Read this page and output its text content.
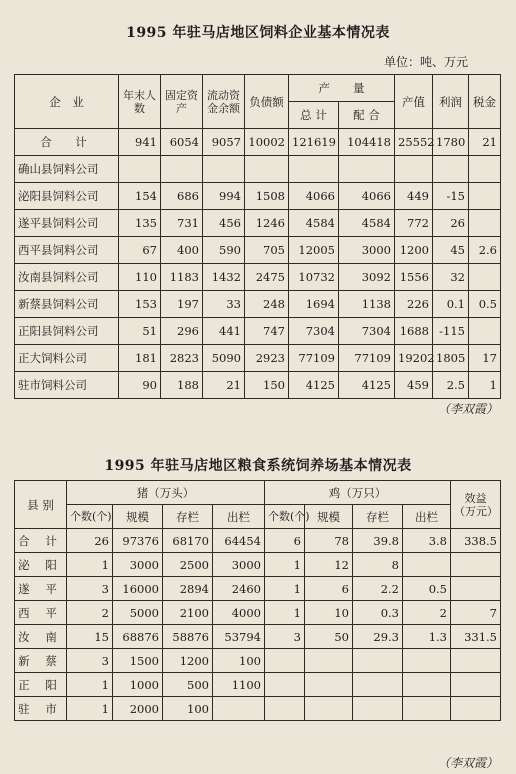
1995 年驻马店地区饲料企业基本情况表
单位：吨、万元
企　业	年末人数	固定资产	流动资金余额	负债额	产　　量		产值	利润	税金
					总 计	配 合			
合　计	941	6054	9057	10002	121619	104418	25552	1780	21
确山县饲料公司									
泌阳县饲料公司	154	686	994	1508	4066	4066	449	-15	
遂平县饲料公司	135	731	456	1246	4584	4584	772	26	
西平县饲料公司	67	400	590	705	12005	3000	1200	45	2.6
汝南县饲料公司	110	1183	1432	2475	10732	3092	1556	32	
新蔡县饲料公司	153	197	33	248	1694	1138	226	0.1	0.5
正阳县饲料公司	51	296	441	747	7304	7304	1688	-115	
正大饲料公司	181	2823	5090	2923	77109	77109	19202	1805	17
驻市饲料公司	90	188	21	150	4125	4125	459	2.5	1
（李双霞）
1995 年驻马店地区粮食系统饲养场基本情况表
县 别	猪（万头）				鸡（万只）				效益（万元）
	个数(个)	规模	存栏	出栏	个数(个)	规模	存栏	出栏	
合 计	26	97376	68170	64454	6	78	39.8	3.8	338.5
泌 阳	1	3000	2500	3000	1	12	8		
遂 平	3	16000	2894	2460	1	6	2.2	0.5	
西 平	2	5000	2100	4000	1	10	0.3	2	7
汝 南	15	68876	58876	53794	3	50	29.3	1.3	331.5
新 蔡	3	1500	1200	100					
正 阳	1	1000	500	1100					
驻 市	1	2000	100						
（李双霞）
